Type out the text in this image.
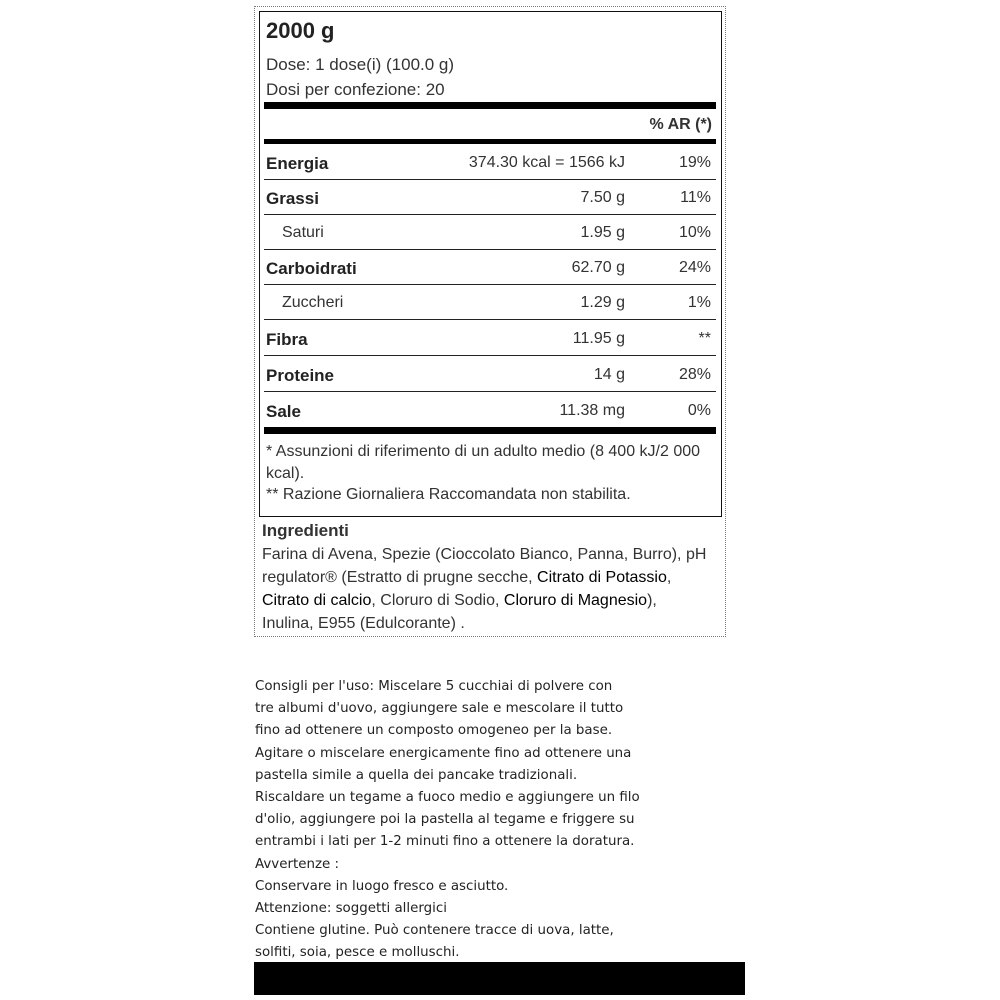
2000 g
Dose: 1 dose(i) (100.0 g)
Dosi per confezione: 20
% AR (*)
Energia	374.30 kcal = 1566 kJ	19%
Grassi	7.50 g	11%
Saturi	1.95 g	10%
Carboidrati	62.70 g	24%
Zuccheri	1.29 g	1%
Fibra	11.95 g	**
Proteine	14 g	28%
Sale	11.38 mg	0%
* Assunzioni di riferimento di un adulto medio (8 400 kJ/2 000 kcal).
** Razione Giornaliera Raccomandata non stabilita.
Ingredienti
Farina di Avena, Spezie (Cioccolato Bianco, Panna, Burro), pH regulator® (Estratto di prugne secche, Citrato di Potassio, Citrato di calcio, Cloruro di Sodio, Cloruro di Magnesio), Inulina, E955 (Edulcorante) .
Consigli per l'uso: Miscelare 5 cucchiai di polvere con
tre albumi d'uovo, aggiungere sale e mescolare il tutto
fino ad ottenere un composto omogeneo per la base.
Agitare o miscelare energicamente fino ad ottenere una
pastella simile a quella dei pancake tradizionali.
Riscaldare un tegame a fuoco medio e aggiungere un filo
d'olio, aggiungere poi la pastella al tegame e friggere su
entrambi i lati per 1-2 minuti fino a ottenere la doratura.
Avvertenze :
Conservare in luogo fresco e asciutto.
Attenzione: soggetti allergici
Contiene glutine. Può contenere tracce di uova, latte,
solfiti, soia, pesce e molluschi.
